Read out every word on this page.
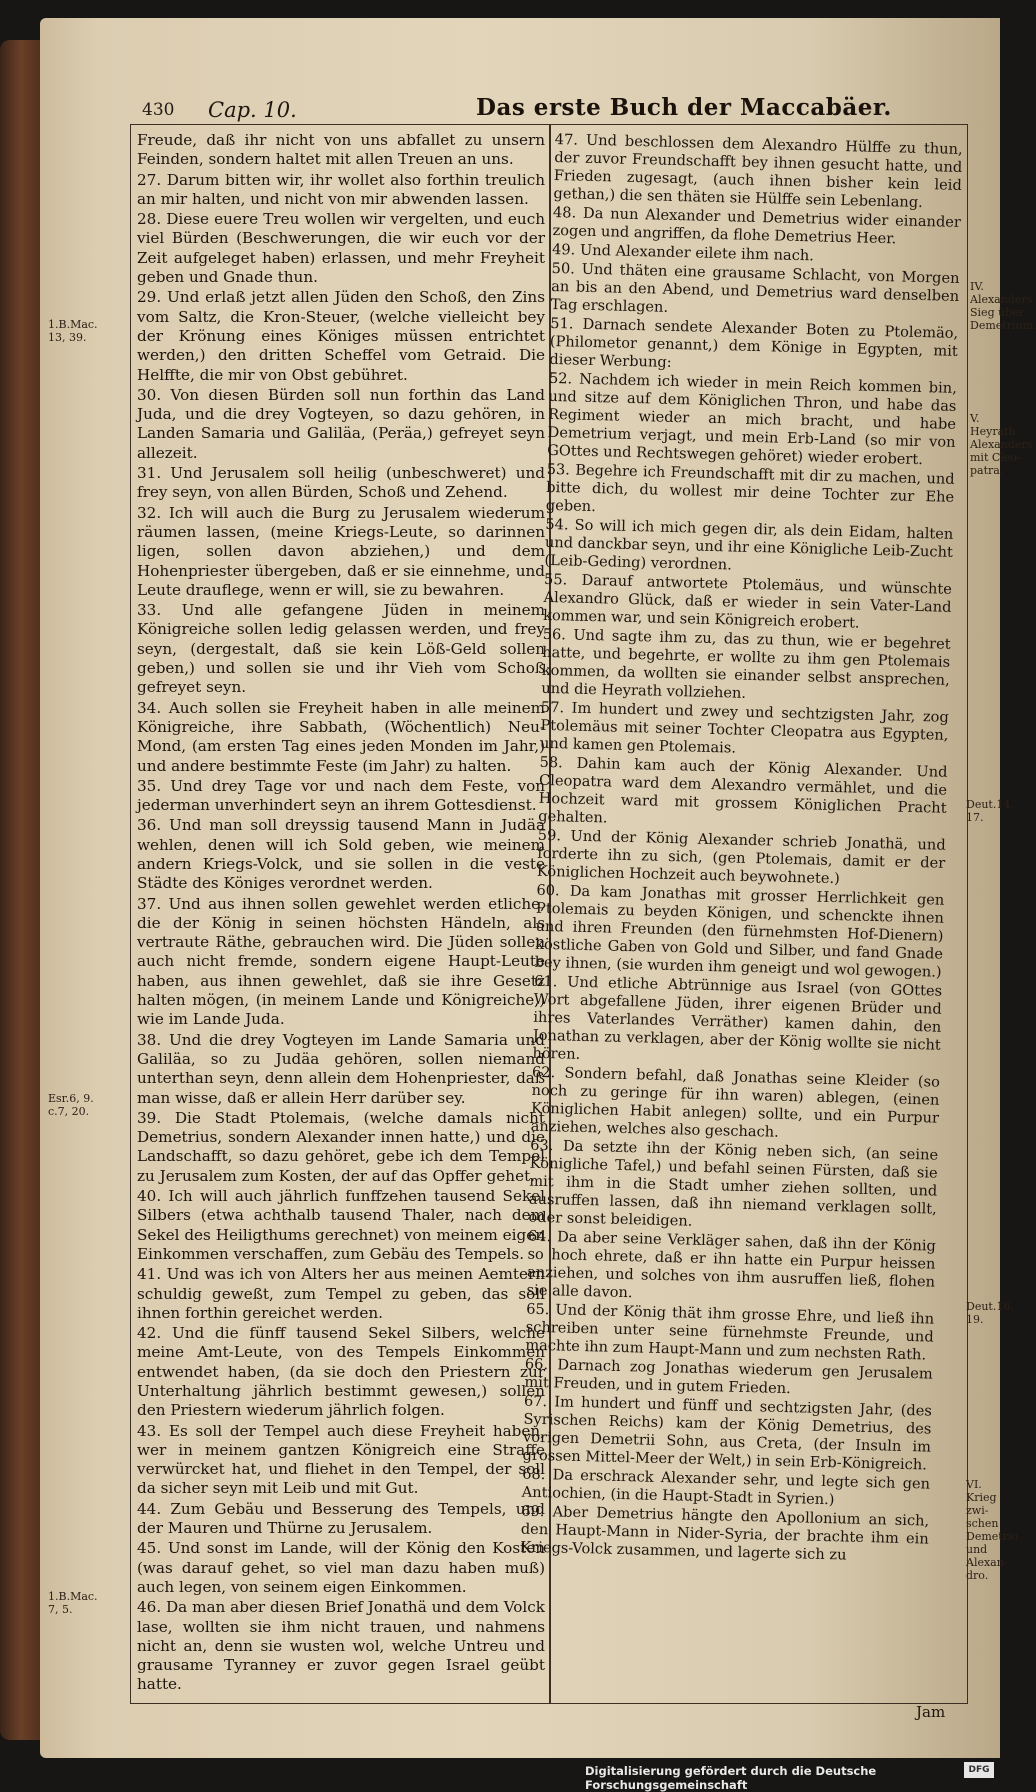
430 Cap. 10.	Das erste Buch der Maccabäer.

Freude, daß ihr nicht von uns abfallet zu unsern Feinden, sondern haltet mit allen Treuen an uns.

27. Darum bitten wir, ihr wollet also forthin treulich an mir halten, und nicht von mir abwenden lassen.

28. Diese euere Treu wollen wir vergelten, und euch viel Bürden (Beschwerungen, die wir euch vor der Zeit aufgeleget haben) erlassen, und mehr Freyheit geben und Gnade thun.

29. Und erlaß jetzt allen Jüden den Schoß, den Zins vom Saltz, die Kron-Steuer, (welche vielleicht bey der Krönung eines Königes müssen entrichtet werden,) den dritten Scheffel vom Getraid. Die Helffte, die mir von Obst gebühret.

30. Von diesen Bürden soll nun forthin das Land Juda, und die drey Vogteyen, so dazu gehören, in Landen Samaria und Galiläa, (Peräa,) gefreyet seyn allezeit.

31. Und Jerusalem soll heilig (unbeschweret) und frey seyn, von allen Bürden, Schoß und Zehend.

32. Ich will auch die Burg zu Jerusalem wiederum räumen lassen, (meine Kriegs-Leute, so darinnen ligen, sollen davon abziehen,) und dem Hohenpriester übergeben, daß er sie einnehme, und Leute drauflege, wenn er will, sie zu bewahren.

33. Und alle gefangene Jüden in meinem Königreiche sollen ledig gelassen werden, und frey seyn, (dergestalt, daß sie kein Löß-Geld sollen geben,) und sollen sie und ihr Vieh vom Schoß gefreyet seyn.

34. Auch sollen sie Freyheit haben in alle meinem Königreiche, ihre Sabbath, (Wöchentlich) Neu-Mond, (am ersten Tag eines jeden Monden im Jahr,) und andere bestimmte Feste (im Jahr) zu halten.

35. Und drey Tage vor und nach dem Feste, von jederman unverhindert seyn an ihrem Gottesdienst.

36. Und man soll dreyssig tausend Mann in Judäa wehlen, denen will ich Sold geben, wie meinem andern Kriegs-Volck, und sie sollen in die veste Städte des Königes verordnet werden.

37. Und aus ihnen sollen gewehlet werden etliche, die der König in seinen höchsten Händeln, als vertraute Räthe, gebrauchen wird. Die Jüden sollen auch nicht fremde, sondern eigene Haupt-Leute haben, aus ihnen gewehlet, daß sie ihre Gesetz halten mögen, (in meinem Lande und Königreiche,) wie im Lande Juda.

38. Und die drey Vogteyen im Lande Samaria und Galiläa, so zu Judäa gehören, sollen niemand unterthan seyn, denn allein dem Hohenpriester, daß man wisse, daß er allein Herr darüber sey.

39. Die Stadt Ptolemais, (welche damals nicht Demetrius, sondern Alexander innen hatte,) und die Landschafft, so dazu gehöret, gebe ich dem Tempel zu Jerusalem zum Kosten, der auf das Opffer gehet.

40. Ich will auch jährlich funffzehen tausend Sekel Silbers (etwa achthalb tausend Thaler, nach dem Sekel des Heiligthums gerechnet) von meinem eigen Einkommen verschaffen, zum Gebäu des Tempels.

41. Und was ich von Alters her aus meinen Aemtern schuldig geweßt, zum Tempel zu geben, das soll ihnen forthin gereichet werden.

42. Und die fünff tausend Sekel Silbers, welche meine Amt-Leute, von des Tempels Einkommen entwendet haben, (da sie doch den Priestern zur Unterhaltung jährlich bestimmt gewesen,) sollen den Priestern wiederum jährlich folgen.

43. Es soll der Tempel auch diese Freyheit haben, wer in meinem gantzen Königreich eine Straffe verwürcket hat, und fliehet in den Tempel, der soll da sicher seyn mit Leib und mit Gut.

44. Zum Gebäu und Besserung des Tempels, und der Mauren und Thürne zu Jerusalem.

45. Und sonst im Lande, will der König den Kosten (was darauf gehet, so viel man dazu haben muß) auch legen, von seinem eigen Einkommen.

46. Da man aber diesen Brief Jonathä und dem Volck lase, wollten sie ihm nicht trauen, und nahmens nicht an, denn sie wusten wol, welche Untreu und grausame Tyranney er zuvor gegen Israel geübt hatte.

47. Und beschlossen dem Alexandro Hülffe zu thun, der zuvor Freundschafft bey ihnen gesucht hatte, und Frieden zugesagt, (auch ihnen bisher kein leid gethan,) die sen thäten sie Hülffe sein Lebenlang.

48. Da nun Alexander und Demetrius wider einander zogen und angriffen, da flohe Demetrius Heer.

49. Und Alexander eilete ihm nach.

50. Und thäten eine grausame Schlacht, von Morgen an bis an den Abend, und Demetrius ward denselben Tag erschlagen.

51. Darnach sendete Alexander Boten zu Ptolemäo, (Philometor genannt,) dem Könige in Egypten, mit dieser Werbung:

52. Nachdem ich wieder in mein Reich kommen bin, und sitze auf dem Königlichen Thron, und habe das Regiment wieder an mich bracht, und habe Demetrium verjagt, und mein Erb-Land (so mir von GOttes und Rechtswegen gehöret) wieder erobert.

53. Begehre ich Freundschafft mit dir zu machen, und bitte dich, du wollest mir deine Tochter zur Ehe geben.

54. So will ich mich gegen dir, als dein Eidam, halten und danckbar seyn, und ihr eine Königliche Leib-Zucht (Leib-Geding) verordnen.

55. Darauf antwortete Ptolemäus, und wünschte Alexandro Glück, daß er wieder in sein Vater-Land kommen war, und sein Königreich erobert.

56. Und sagte ihm zu, das zu thun, wie er begehret hatte, und begehrte, er wollte zu ihm gen Ptolemais kommen, da wollten sie einander selbst ansprechen, und die Heyrath vollziehen.

57. Im hundert und zwey und sechtzigsten Jahr, zog Ptolemäus mit seiner Tochter Cleopatra aus Egypten, und kamen gen Ptolemais.

58. Dahin kam auch der König Alexander. Und Cleopatra ward dem Alexandro vermählet, und die Hochzeit ward mit grossem Königlichen Pracht gehalten.

59. Und der König Alexander schrieb Jonathä, und forderte ihn zu sich, (gen Ptolemais, damit er der Königlichen Hochzeit auch beywohnete.)

60. Da kam Jonathas mit grosser Herrlichkeit gen Ptolemais zu beyden Königen, und schenckte ihnen und ihren Freunden (den fürnehmsten Hof-Dienern) köstliche Gaben von Gold und Silber, und fand Gnade bey ihnen, (sie wurden ihm geneigt und wol gewogen.)

61. Und etliche Abtrünnige aus Israel (von GOttes Wort abgefallene Jüden, ihrer eigenen Brüder und ihres Vaterlandes Verräther) kamen dahin, den Jonathan zu verklagen, aber der König wollte sie nicht hören.

62. Sondern befahl, daß Jonathas seine Kleider (so noch zu geringe für ihn waren) ablegen, (einen Königlichen Habit anlegen) sollte, und ein Purpur anziehen, welches also geschach.

63. Da setzte ihn der König neben sich, (an seine Königliche Tafel,) und befahl seinen Fürsten, daß sie mit ihm in die Stadt umher ziehen sollten, und ausruffen lassen, daß ihn niemand verklagen sollt, oder sonst beleidigen.

64. Da aber seine Verkläger sahen, daß ihn der König so hoch ehrete, daß er ihn hatte ein Purpur heissen anziehen, und solches von ihm ausruffen ließ, flohen sie alle davon.

65. Und der König thät ihm grosse Ehre, und ließ ihn schreiben unter seine fürnehmste Freunde, und machte ihn zum Haupt-Mann und zum nechsten Rath.

66. Darnach zog Jonathas wiederum gen Jerusalem mit Freuden, und in gutem Frieden.

67. Im hundert und fünff und sechtzigsten Jahr, (des Syrischen Reichs) kam der König Demetrius, des vorigen Demetrii Sohn, aus Creta, (der Insuln im grossen Mittel-Meer der Welt,) in sein Erb-Königreich.

68. Da erschrack Alexander sehr, und legte sich gen Antiochien, (in die Haupt-Stadt in Syrien.)

69. Aber Demetrius hängte den Apollonium an sich, den Haupt-Mann in Nider-Syria, der brachte ihm ein Kriegs-Volck zusammen, und lagerte sich zu

1.B.Mac.
13, 39.
Esr.6, 9.
c.7, 20.
1.B.Mac.
7, 5.
IV.
Alexanders
Sieg über
Demetrium.
V.
Heyrath
Alexanders
mit Cleo-
patra.
Deut.14,
17.
Deut.16,
19.
VI.
Krieg zwi-
schen Demetrio
und Alexan-
dro.
Jam
Digitalisierung gefördert durch die Deutsche Forschungsgemeinschaft
DFG
